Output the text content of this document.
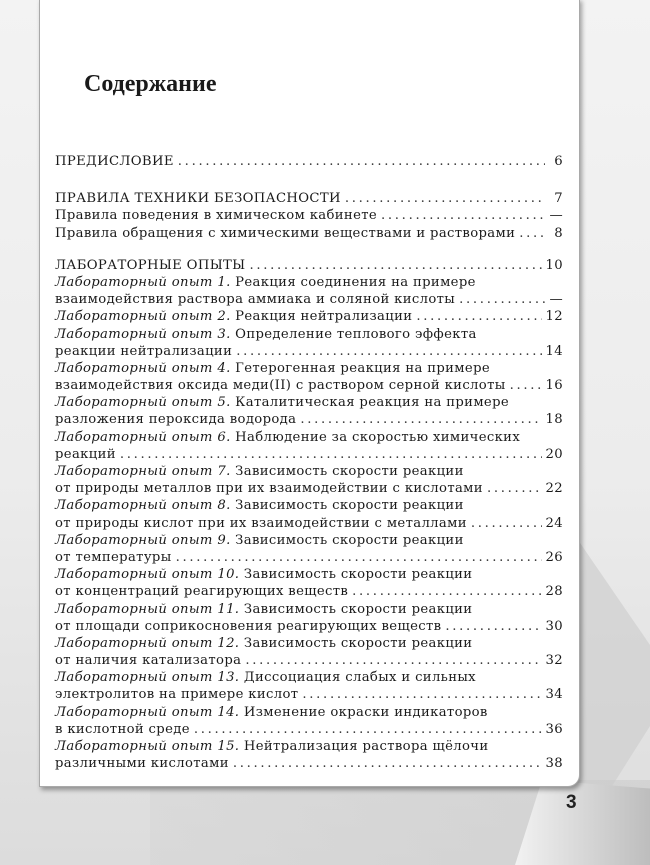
Содержание
ПРЕДИСЛОВИЕ . . .	6
ПРАВИЛА ТЕХНИКИ БЕЗОПАСНОСТИ . . .	7
Правила поведения в химическом кабинете . . .	—
Правила обращения с химическими веществами и растворами . . .	8
ЛАБОРАТОРНЫЕ ОПЫТЫ . . .	10
Лабораторный опыт 1. Реакция соединения на примере
взаимодействия раствора аммиака и соляной кислоты . . .	—
Лабораторный опыт 2. Реакция нейтрализации . . .	12
Лабораторный опыт 3. Определение теплового эффекта
реакции нейтрализации . . .	14
Лабораторный опыт 4. Гетерогенная реакция на примере
взаимодействия оксида меди(II) с раствором серной кислоты . . .	16
Лабораторный опыт 5. Каталитическая реакция на примере
разложения пероксида водорода . . .	18
Лабораторный опыт 6. Наблюдение за скоростью химических
реакций . . .	20
Лабораторный опыт 7. Зависимость скорости реакции
от природы металлов при их взаимодействии с кислотами . . .	22
Лабораторный опыт 8. Зависимость скорости реакции
от природы кислот при их взаимодействии с металлами . . .	24
Лабораторный опыт 9. Зависимость скорости реакции
от температуры . . .	26
Лабораторный опыт 10. Зависимость скорости реакции
от концентраций реагирующих веществ . . .	28
Лабораторный опыт 11. Зависимость скорости реакции
от площади соприкосновения реагирующих веществ . . .	30
Лабораторный опыт 12. Зависимость скорости реакции
от наличия катализатора . . .	32
Лабораторный опыт 13. Диссоциация слабых и сильных
электролитов на примере кислот . . .	34
Лабораторный опыт 14. Изменение окраски индикаторов
в кислотной среде . . .	36
Лабораторный опыт 15. Нейтрализация раствора щёлочи
различными кислотами . . .	38
3
